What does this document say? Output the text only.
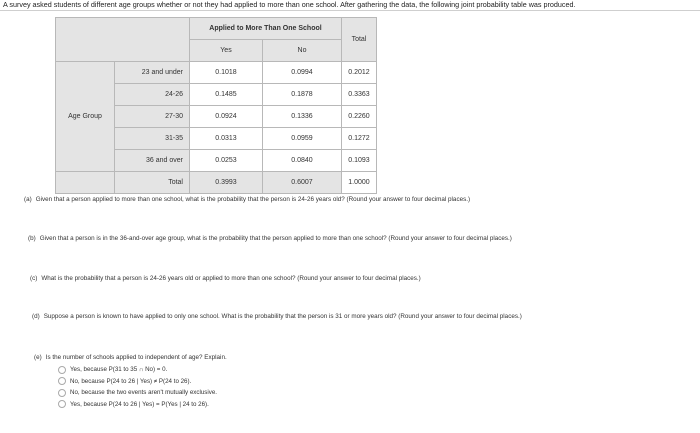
A survey asked students of different age groups whether or not they had applied to more than one school. After gathering the data, the following joint probability table was produced.
		Applied to More Than One School		Total
		Yes	No	
Age Group	23 and under	0.1018	0.0994	0.2012
	24-26	0.1485	0.1878	0.3363
	27-30	0.0924	0.1336	0.2260
	31-35	0.0313	0.0959	0.1272
	36 and over	0.0253	0.0840	0.1093
	Total	0.3993	0.6007	1.0000
(a) Given that a person applied to more than one school, what is the probability that the person is 24-26 years old? (Round your answer to four decimal places.)
(b) Given that a person is in the 36-and-over age group, what is the probability that the person applied to more than one school? (Round your answer to four decimal places.)
(c) What is the probability that a person is 24-26 years old or applied to more than one school? (Round your answer to four decimal places.)
(d) Suppose a person is known to have applied to only one school. What is the probability that the person is 31 or more years old? (Round your answer to four decimal places.)
(e) Is the number of schools applied to independent of age? Explain.
Yes, because P(31 to 35 ∩ No) = 0.
No, because P(24 to 26 | Yes) ≠ P(24 to 26).
No, because the two events aren't mutually exclusive.
Yes, because P(24 to 26 | Yes) = P(Yes | 24 to 26).
